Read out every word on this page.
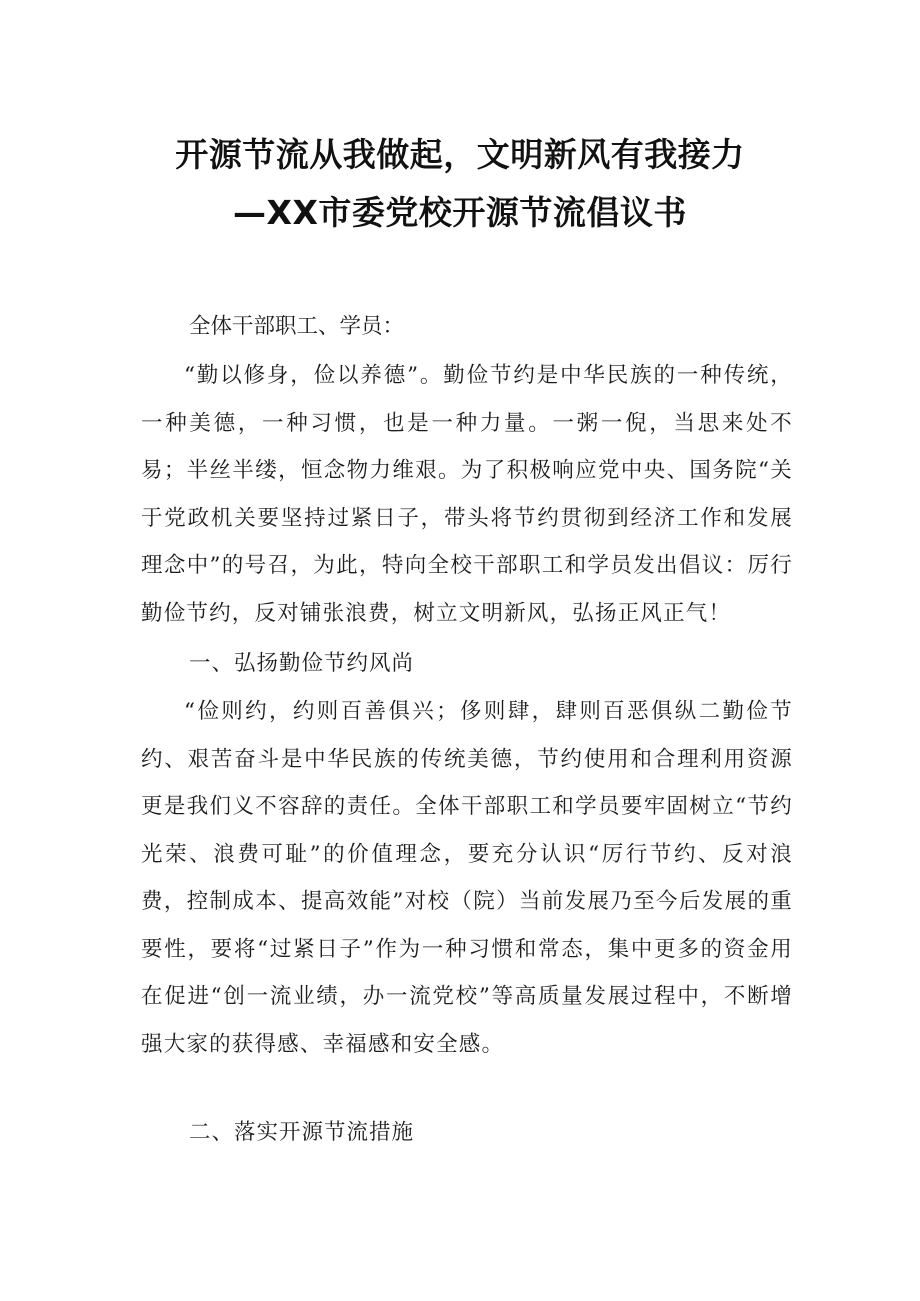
开源节流从我做起，文明新风有我接力
—XX市委党校开源节流倡议书
全体干部职工、学员：
“勤以修身，俭以养德”。勤俭节约是中华民族的一种传统，一种美德，一种习惯，也是一种力量。一粥一倪，当思来处不易；半丝半缕，恒念物力维艰。为了积极响应党中央、国务院“关于党政机关要坚持过紧日子，带头将节约贯彻到经济工作和发展理念中”的号召，为此，特向全校干部职工和学员发出倡议：厉行勤俭节约，反对铺张浪费，树立文明新风，弘扬正风正气！
一、弘扬勤俭节约风尚
“俭则约，约则百善俱兴；侈则肆，肆则百恶俱纵二勤俭节约、艰苦奋斗是中华民族的传统美德，节约使用和合理利用资源更是我们义不容辞的责任。全体干部职工和学员要牢固树立“节约光荣、浪费可耻”的价值理念，要充分认识“厉行节约、反对浪费，控制成本、提高效能”对校（院）当前发展乃至今后发展的重要性，要将“过紧日子”作为一种习惯和常态，集中更多的资金用在促进“创一流业绩，办一流党校”等高质量发展过程中，不断增强大家的获得感、幸福感和安全感。
二、落实开源节流措施
